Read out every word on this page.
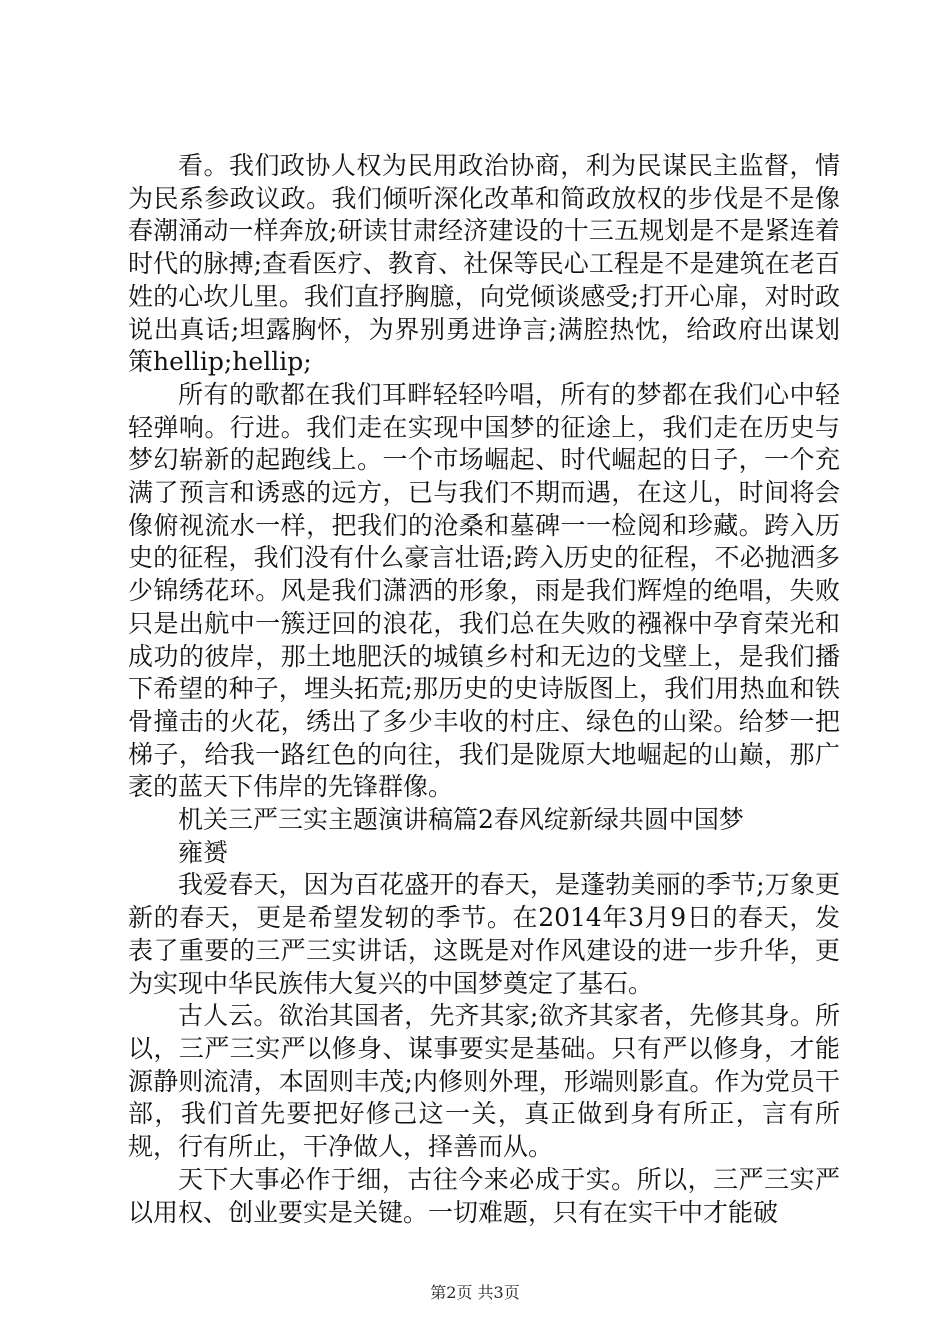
看。我们政协人权为民用政治协商，利为民谋民主监督，情为民系参政议政。我们倾听深化改革和简政放权的步伐是不是像春潮涌动一样奔放;研读甘肃经济建设的十三五规划是不是紧连着时代的脉搏;查看医疗、教育、社保等民心工程是不是建筑在老百姓的心坎儿里。我们直抒胸臆，向党倾谈感受;打开心扉，对时政说出真话;坦露胸怀，为界别勇进诤言;满腔热忱，给政府出谋划策hellip;hellip;

所有的歌都在我们耳畔轻轻吟唱，所有的梦都在我们心中轻轻弹响。行进。我们走在实现中国梦的征途上，我们走在历史与梦幻崭新的起跑线上。一个市场崛起、时代崛起的日子，一个充满了预言和诱惑的远方，已与我们不期而遇，在这儿，时间将会像俯视流水一样，把我们的沧桑和墓碑一一检阅和珍藏。跨入历史的征程，我们没有什么豪言壮语;跨入历史的征程，不必抛洒多少锦绣花环。风是我们潇洒的形象，雨是我们辉煌的绝唱，失败只是出航中一簇迂回的浪花，我们总在失败的襁褓中孕育荣光和成功的彼岸，那土地肥沃的城镇乡村和无边的戈壁上，是我们播下希望的种子，埋头拓荒;那历史的史诗版图上，我们用热血和铁骨撞击的火花，绣出了多少丰收的村庄、绿色的山梁。给梦一把梯子，给我一路红色的向往，我们是陇原大地崛起的山巅，那广袤的蓝天下伟岸的先锋群像。

机关三严三实主题演讲稿篇2春风绽新绿共圆中国梦

雍赟

我爱春天，因为百花盛开的春天，是蓬勃美丽的季节;万象更新的春天，更是希望发轫的季节。在2014年3月9日的春天，发表了重要的三严三实讲话，这既是对作风建设的进一步升华，更为实现中华民族伟大复兴的中国梦奠定了基石。

古人云。欲治其国者，先齐其家;欲齐其家者，先修其身。所以，三严三实严以修身、谋事要实是基础。只有严以修身，才能源静则流清，本固则丰茂;内修则外理，形端则影直。作为党员干部，我们首先要把好修己这一关，真正做到身有所正，言有所规，行有所止，干净做人，择善而从。

天下大事必作于细，古往今来必成于实。所以，三严三实严以用权、创业要实是关键。一切难题，只有在实干中才能破

第2页 共3页
